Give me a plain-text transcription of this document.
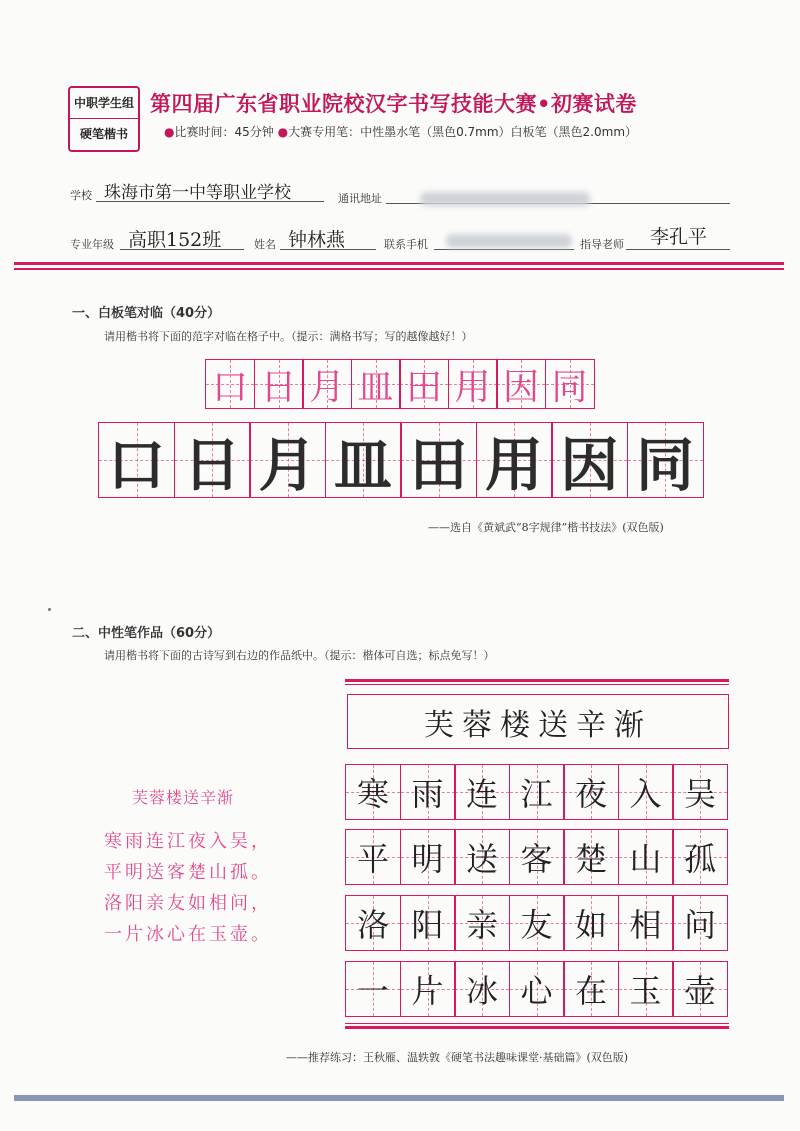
中职学生组
硬笔楷书
第四届广东省职业院校汉字书写技能大赛•初赛试卷
●比赛时间：45分钟 ●大赛专用笔：中性墨水笔（黑色0.7mm）白板笔（黑色2.0mm）
学校 珠海市第一中等职业学校	通讯地址
专业年级 高职152班	姓名 钟林燕	联系手机	指导老师 李孔平
一、白板笔对临（40分）
请用楷书将下面的范字对临在格子中。（提示：满格书写；写的越像越好！）
口 日 月 皿 田 用 因 同
口 日 月 皿 田 用 因 同
——选自《黄斌武“8字规律”楷书技法》(双色版)
二、中性笔作品（60分）
请用楷书将下面的古诗写到右边的作品纸中。（提示：楷体可自选；标点免写！）
芙蓉楼送辛渐
寒雨连江夜入吴，
平明送客楚山孤。
洛阳亲友如相问，
一片冰心在玉壶。
芙蓉楼送辛渐
寒 雨 连 江 夜 入 吴
平 明 送 客 楚 山 孤
洛 阳 亲 友 如 相 问
一 片 冰 心 在 玉 壶
——推荐练习：王秋雁、温轶敦《硬笔书法趣味课堂·基础篇》(双色版)
